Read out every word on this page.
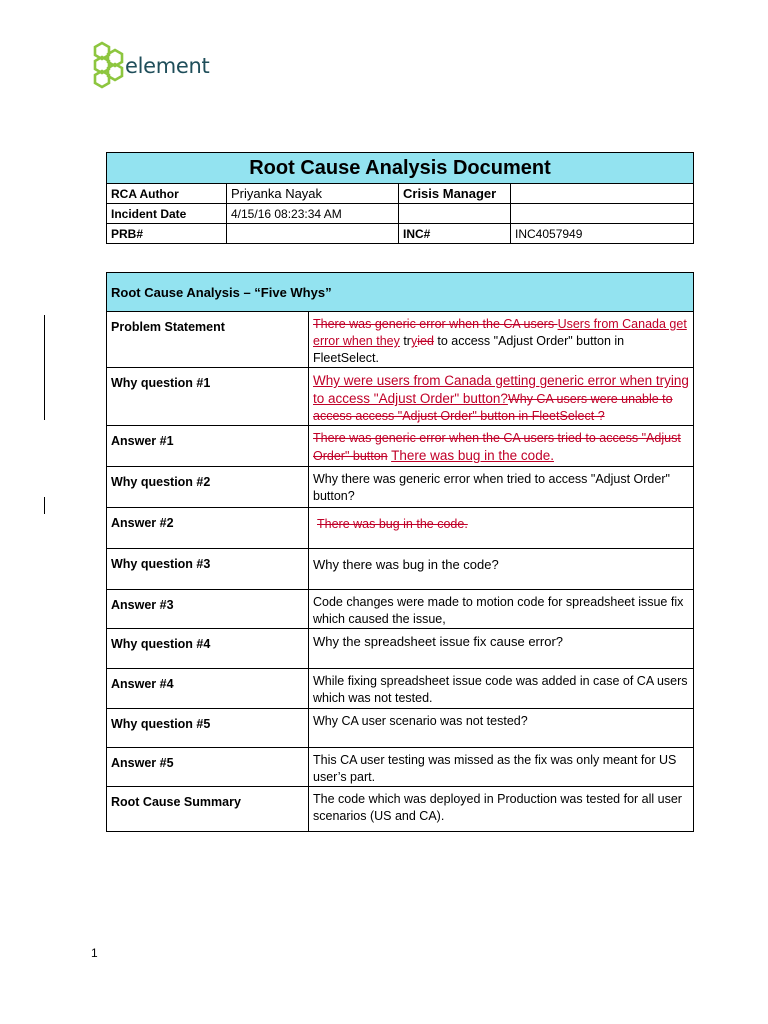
element
Root Cause Analysis Document			
RCA Author	Priyanka Nayak	Crisis Manager	
Incident Date	4/15/16 08:23:34 AM		
PRB#		INC#	INC4057949
Root Cause Analysis – “Five Whys”	
Problem Statement	There was generic error when the CA users Users from Canada get error when they tryied to access "Adjust Order" button in FleetSelect.
Why question #1	Why were users from Canada getting generic error when trying to access "Adjust Order" button?Why CA users were unable to access access "Adjust Order" button in FleetSelect ?
Answer #1	There was generic error when the CA users tried to access "Adjust Order" button There was bug in the code.
Why question #2	Why there was generic error when tried to access "Adjust Order" button?
Answer #2	There was bug in the code.
Why question #3	Why there was bug in the code?
Answer #3	Code changes were made to motion code for spreadsheet issue fix which caused the issue,
Why question #4	Why the spreadsheet issue fix cause error?
Answer #4	While fixing spreadsheet issue code was added in case of CA users which was not tested.
Why question #5	Why CA user scenario was not tested?
Answer #5	This CA user testing was missed as the fix was only meant for US user’s part.
Root Cause Summary	The code which was deployed in Production was tested for all user scenarios (US and CA).
1
